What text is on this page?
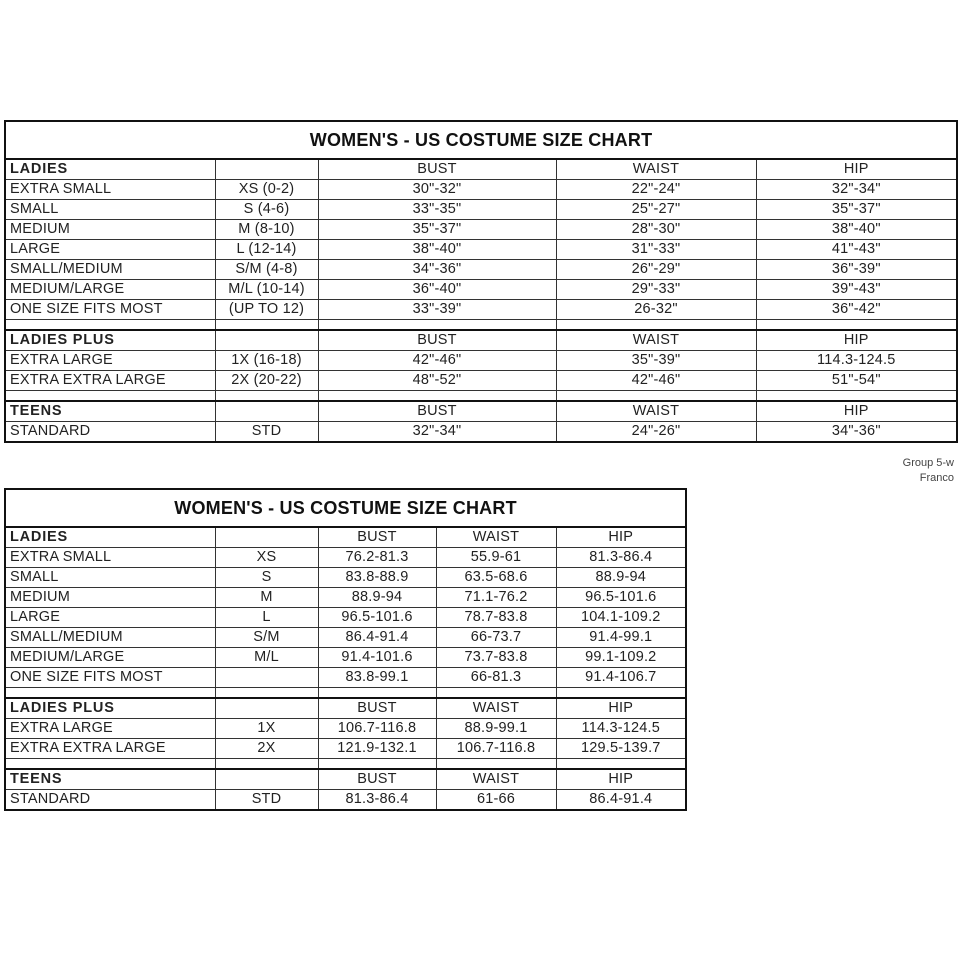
WOMEN'S - US COSTUME SIZE CHART				
LADIES		BUST	WAIST	HIP
EXTRA SMALL	XS (0-2)	30"-32"	22"-24"	32"-34"
SMALL	S (4-6)	33"-35"	25"-27"	35"-37"
MEDIUM	M (8-10)	35"-37"	28"-30"	38"-40"
LARGE	L (12-14)	38"-40"	31"-33"	41"-43"
SMALL/MEDIUM	S/M (4-8)	34"-36"	26"-29"	36"-39"
MEDIUM/LARGE	M/L (10-14)	36"-40"	29"-33"	39"-43"
ONE SIZE FITS MOST	(UP TO 12)	33"-39"	26-32"	36"-42"

LADIES PLUS		BUST	WAIST	HIP
EXTRA LARGE	1X (16-18)	42"-46"	35"-39"	114.3-124.5
EXTRA EXTRA LARGE	2X (20-22)	48"-52"	42"-46"	51"-54"

TEENS		BUST	WAIST	HIP
STANDARD	STD	32"-34"	24"-26"	34"-36"
Group 5-w
Franco
WOMEN'S - US COSTUME SIZE CHART				
LADIES		BUST	WAIST	HIP
EXTRA SMALL	XS	76.2-81.3	55.9-61	81.3-86.4
SMALL	S	83.8-88.9	63.5-68.6	88.9-94
MEDIUM	M	88.9-94	71.1-76.2	96.5-101.6
LARGE	L	96.5-101.6	78.7-83.8	104.1-109.2
SMALL/MEDIUM	S/M	86.4-91.4	66-73.7	91.4-99.1
MEDIUM/LARGE	M/L	91.4-101.6	73.7-83.8	99.1-109.2
ONE SIZE FITS MOST		83.8-99.1	66-81.3	91.4-106.7

LADIES PLUS		BUST	WAIST	HIP
EXTRA LARGE	1X	106.7-116.8	88.9-99.1	114.3-124.5
EXTRA EXTRA LARGE	2X	121.9-132.1	106.7-116.8	129.5-139.7

TEENS		BUST	WAIST	HIP
STANDARD	STD	81.3-86.4	61-66	86.4-91.4
